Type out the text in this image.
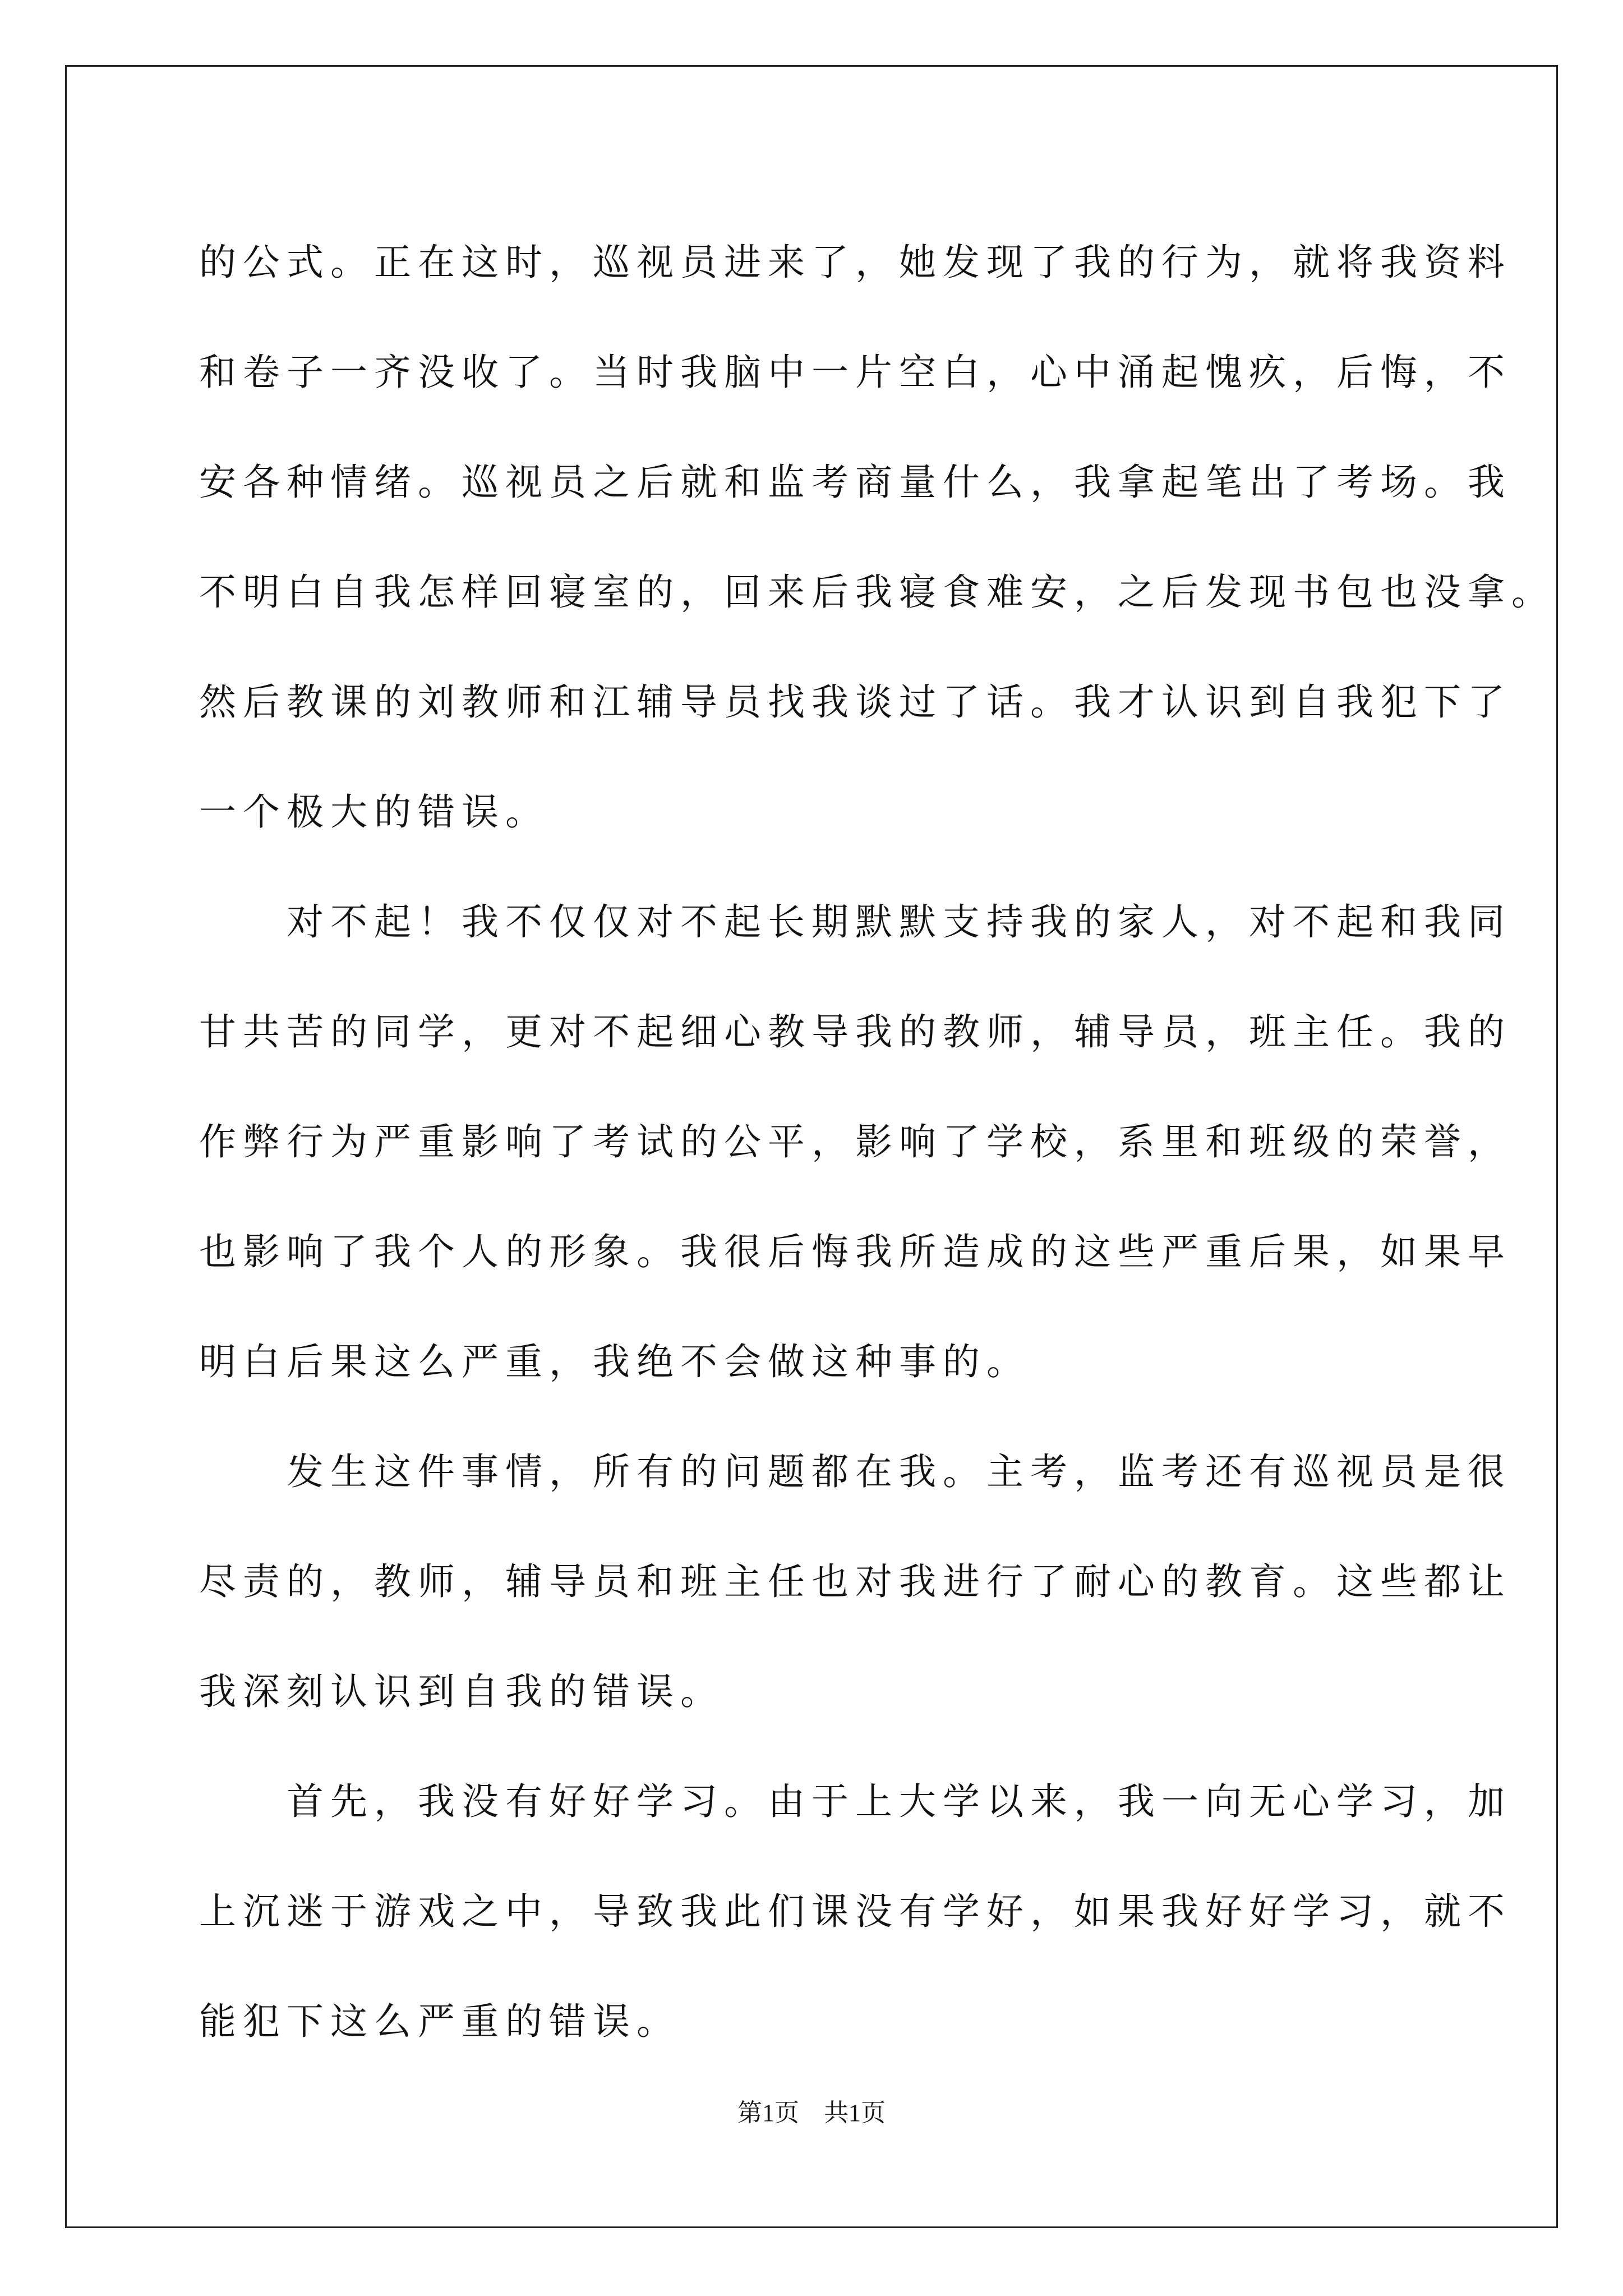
的公式。正在这时，巡视员进来了，她发现了我的行为，就将我资料
和卷子一齐没收了。当时我脑中一片空白，心中涌起愧疚，后悔，不
安各种情绪。巡视员之后就和监考商量什么，我拿起笔出了考场。我
不明白自我怎样回寝室的，回来后我寝食难安，之后发现书包也没拿。
然后教课的刘教师和江辅导员找我谈过了话。我才认识到自我犯下了
一个极大的错误。
　　对不起！我不仅仅对不起长期默默支持我的家人，对不起和我同
甘共苦的同学，更对不起细心教导我的教师，辅导员，班主任。我的
作弊行为严重影响了考试的公平，影响了学校，系里和班级的荣誉，
也影响了我个人的形象。我很后悔我所造成的这些严重后果，如果早
明白后果这么严重，我绝不会做这种事的。
　　发生这件事情，所有的问题都在我。主考，监考还有巡视员是很
尽责的，教师，辅导员和班主任也对我进行了耐心的教育。这些都让
我深刻认识到自我的错误。
　　首先，我没有好好学习。由于上大学以来，我一向无心学习，加
上沉迷于游戏之中，导致我此们课没有学好，如果我好好学习，就不
能犯下这么严重的错误。
第1页　共1页
